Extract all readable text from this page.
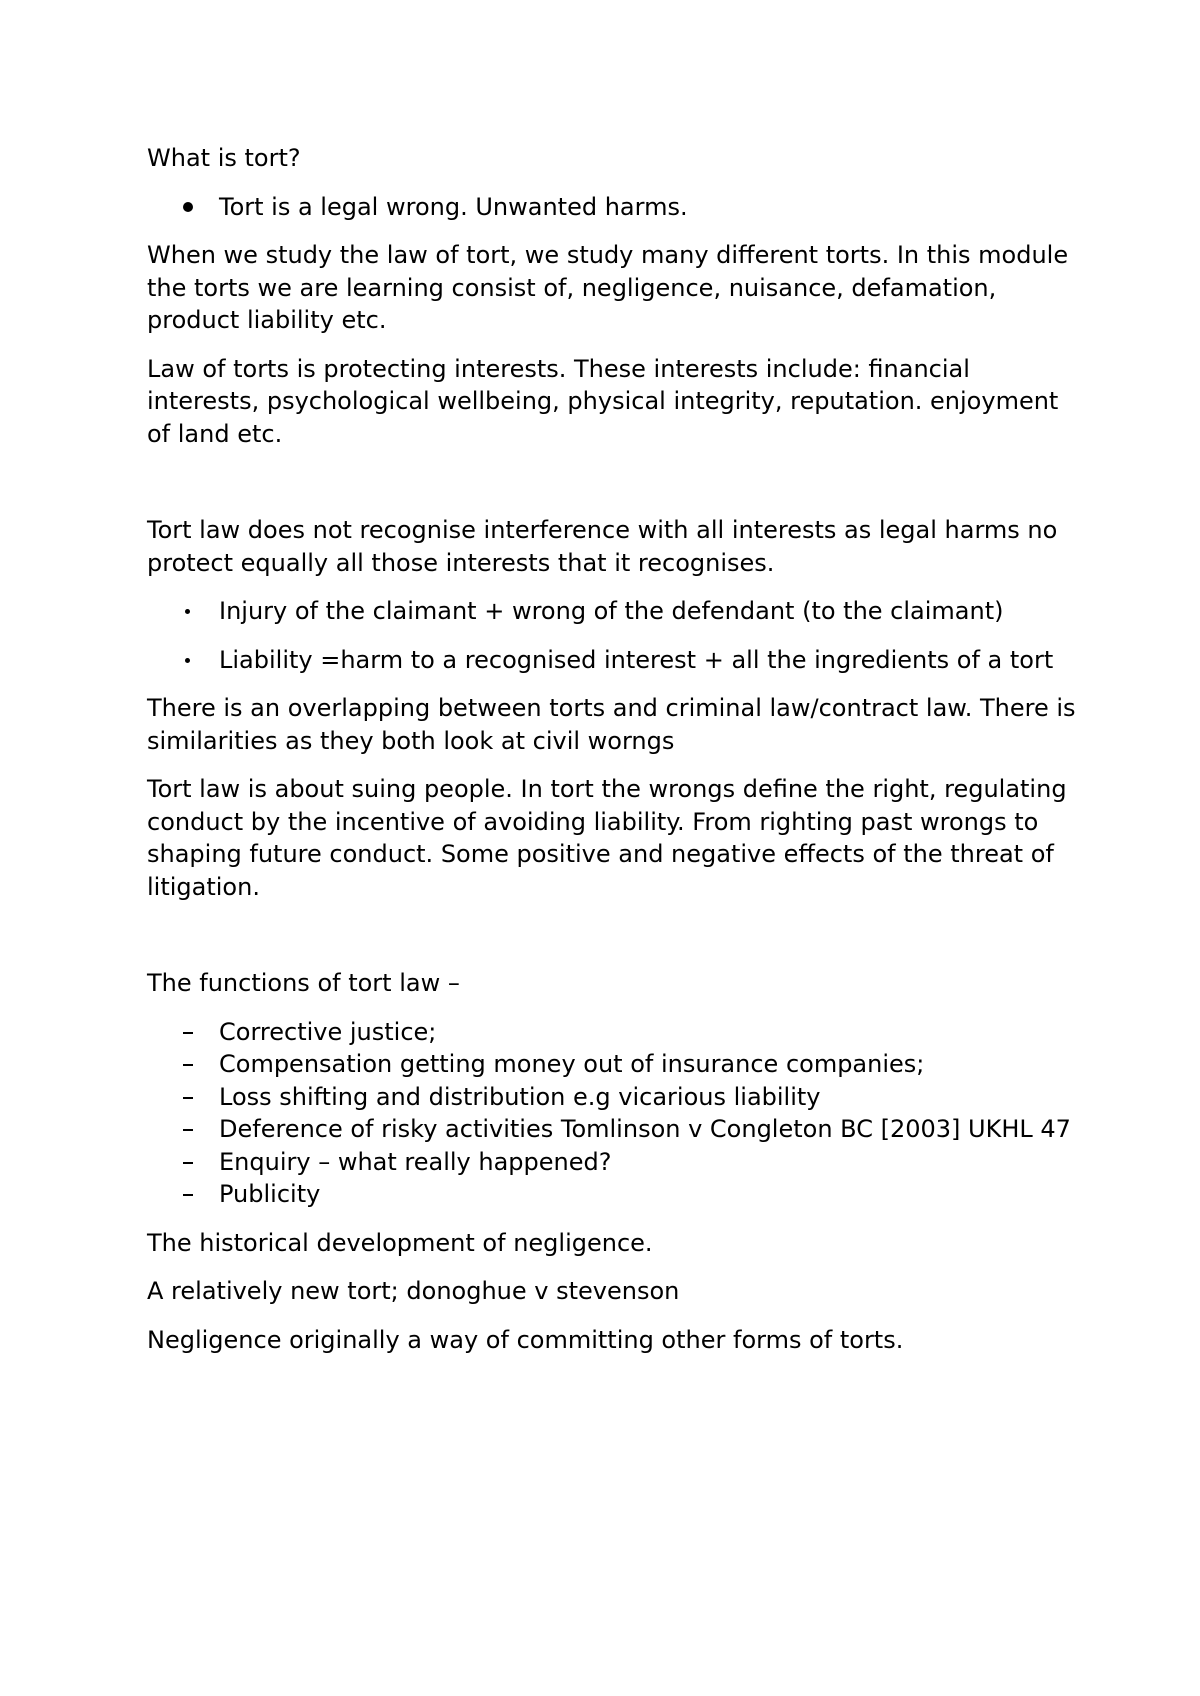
What is tort?

Tort is a legal wrong. Unwanted harms.

When we study the law of tort, we study many different torts. In this module the torts we are learning consist of, negligence, nuisance, defamation, product liability etc.

Law of torts is protecting interests. These interests include: financial interests, psychological wellbeing, physical integrity, reputation. enjoyment of land etc.

Tort law does not recognise interference with all interests as legal harms no protect equally all those interests that it recognises.

Injury of the claimant + wrong of the defendant (to the claimant)
Liability =harm to a recognised interest + all the ingredients of a tort

There is an overlapping between torts and criminal law/contract law. There is similarities as they both look at civil worngs

Tort law is about suing people. In tort the wrongs define the right, regulating conduct by the incentive of avoiding liability. From righting past wrongs to shaping future conduct. Some positive and negative effects of the threat of litigation.

The functions of tort law –

Corrective justice;
Compensation getting money out of insurance companies;
Loss shifting and distribution e.g vicarious liability
Deference of risky activities Tomlinson v Congleton BC [2003] UKHL 47
Enquiry – what really happened?
Publicity

The historical development of negligence.

A relatively new tort; donoghue v stevenson

Negligence originally a way of committing other forms of torts.
